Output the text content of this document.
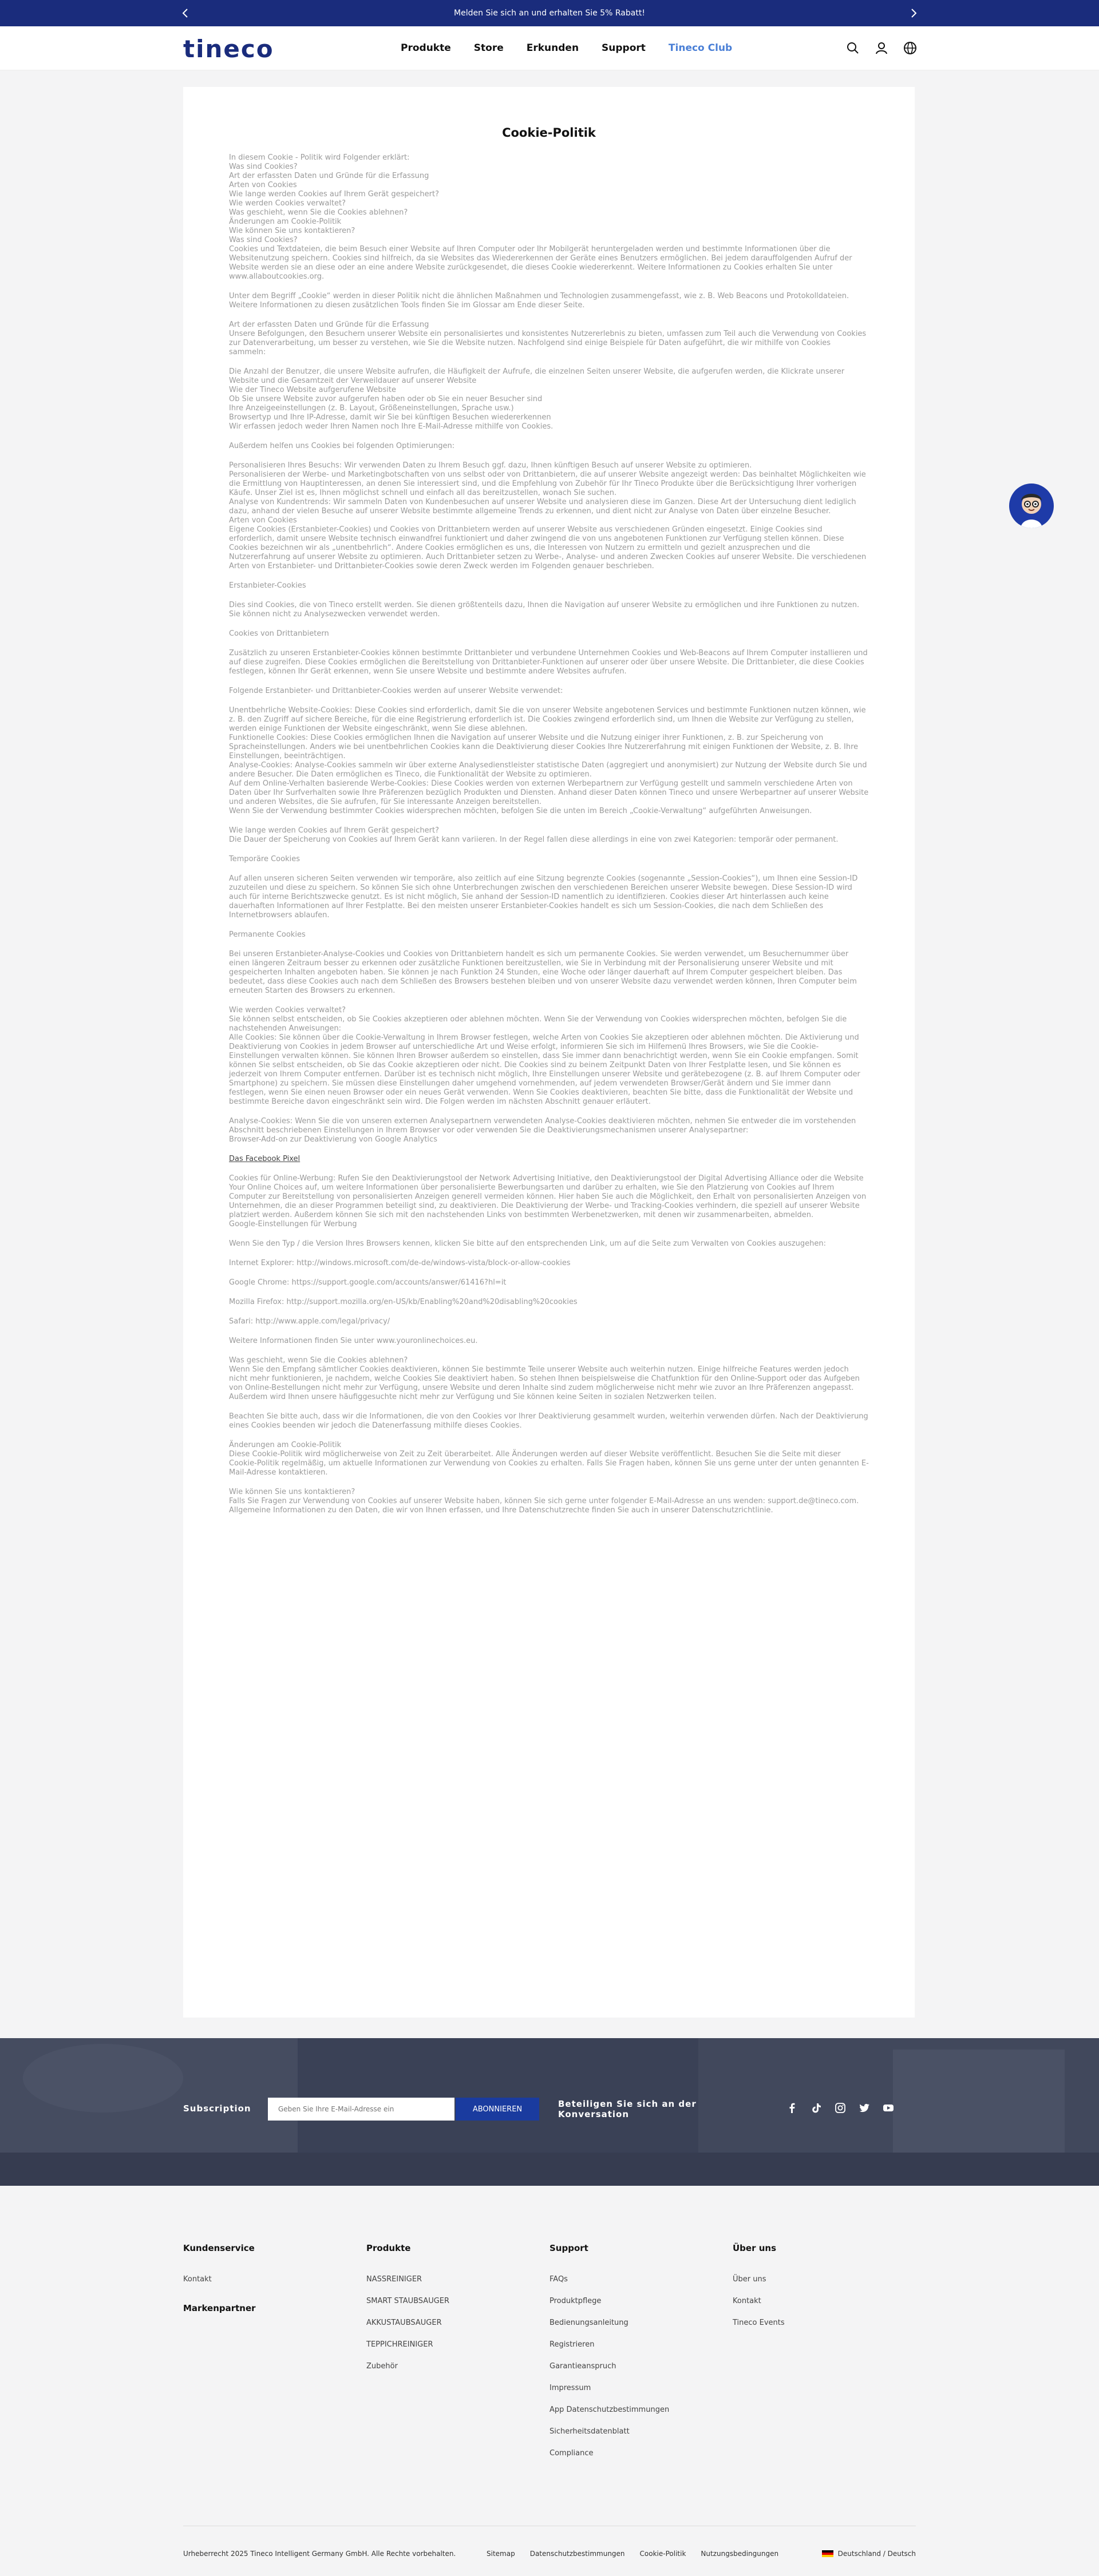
Melden Sie sich an und erhalten Sie 5% Rabatt!
tineco	Produkte Store Erkunden Support Tineco Club
Cookie-Politik
In diesem Cookie - Politik wird Folgender erklärt:
Was sind Cookies?
Art der erfassten Daten und Gründe für die Erfassung
Arten von Cookies
Wie lange werden Cookies auf Ihrem Gerät gespeichert?
Wie werden Cookies verwaltet?
Was geschieht, wenn Sie die Cookies ablehnen?
Änderungen am Cookie-Politik
Wie können Sie uns kontaktieren?
Was sind Cookies?
Cookies und Textdateien, die beim Besuch einer Website auf Ihren Computer oder Ihr Mobilgerät heruntergeladen werden und bestimmte Informationen über die Websitenutzung speichern. Cookies sind hilfreich, da sie Websites das Wiedererkennen der Geräte eines Benutzers ermöglichen. Bei jedem darauffolgenden Aufruf der Website werden sie an diese oder an eine andere Website zurückgesendet, die dieses Cookie wiedererkennt. Weitere Informationen zu Cookies erhalten Sie unter www.allaboutcookies.org.
Unter dem Begriff „Cookie“ werden in dieser Politik nicht die ähnlichen Maßnahmen und Technologien zusammengefasst, wie z. B. Web Beacons und Protokolldateien. Weitere Informationen zu diesen zusätzlichen Tools finden Sie im Glossar am Ende dieser Seite.
Art der erfassten Daten und Gründe für die Erfassung
Unsere Befolgungen, den Besuchern unserer Website ein personalisiertes und konsistentes Nutzererlebnis zu bieten, umfassen zum Teil auch die Verwendung von Cookies zur Datenverarbeitung, um besser zu verstehen, wie Sie die Website nutzen. Nachfolgend sind einige Beispiele für Daten aufgeführt, die wir mithilfe von Cookies sammeln:
Die Anzahl der Benutzer, die unsere Website aufrufen, die Häufigkeit der Aufrufe, die einzelnen Seiten unserer Website, die aufgerufen werden, die Klickrate unserer Website und die Gesamtzeit der Verweildauer auf unserer Website
Wie der Tineco Website aufgerufene Website
Ob Sie unsere Website zuvor aufgerufen haben oder ob Sie ein neuer Besucher sind
Ihre Anzeigeeinstellungen (z. B. Layout, Größeneinstellungen, Sprache usw.)
Browsertyp und Ihre IP-Adresse, damit wir Sie bei künftigen Besuchen wiedererkennen
Wir erfassen jedoch weder Ihren Namen noch Ihre E-Mail-Adresse mithilfe von Cookies.
Außerdem helfen uns Cookies bei folgenden Optimierungen:
Personalisieren Ihres Besuchs: Wir verwenden Daten zu Ihrem Besuch ggf. dazu, Ihnen künftigen Besuch auf unserer Website zu optimieren.
Personalisieren der Werbe- und Marketingbotschaften von uns selbst oder von Drittanbietern, die auf unserer Website angezeigt werden: Das beinhaltet Möglichkeiten wie die Ermittlung von Hauptinteressen, an denen Sie interessiert sind, und die Empfehlung von Zubehör für Ihr Tineco Produkte über die Berücksichtigung Ihrer vorherigen Käufe. Unser Ziel ist es, Ihnen möglichst schnell und einfach all das bereitzustellen, wonach Sie suchen.
Analyse von Kundentrends: Wir sammeln Daten von Kundenbesuchen auf unserer Website und analysieren diese im Ganzen. Diese Art der Untersuchung dient lediglich dazu, anhand der vielen Besuche auf unserer Website bestimmte allgemeine Trends zu erkennen, und dient nicht zur Analyse von Daten über einzelne Besucher.
Arten von Cookies
Eigene Cookies (Erstanbieter-Cookies) und Cookies von Drittanbietern werden auf unserer Website aus verschiedenen Gründen eingesetzt. Einige Cookies sind erforderlich, damit unsere Website technisch einwandfrei funktioniert und daher zwingend die von uns angebotenen Funktionen zur Verfügung stellen können. Diese Cookies bezeichnen wir als „unentbehrlich“. Andere Cookies ermöglichen es uns, die Interessen von Nutzern zu ermitteln und gezielt anzusprechen und die Nutzererfahrung auf unserer Website zu optimieren. Auch Drittanbieter setzen zu Werbe-, Analyse- und anderen Zwecken Cookies auf unserer Website. Die verschiedenen Arten von Erstanbieter- und Drittanbieter-Cookies sowie deren Zweck werden im Folgenden genauer beschrieben.
Erstanbieter-Cookies
Dies sind Cookies, die von Tineco erstellt werden. Sie dienen größtenteils dazu, Ihnen die Navigation auf unserer Website zu ermöglichen und ihre Funktionen zu nutzen. Sie können nicht zu Analysezwecken verwendet werden.
Cookies von Drittanbietern
Zusätzlich zu unseren Erstanbieter-Cookies können bestimmte Drittanbieter und verbundene Unternehmen Cookies und Web-Beacons auf Ihrem Computer installieren und auf diese zugreifen. Diese Cookies ermöglichen die Bereitstellung von Drittanbieter-Funktionen auf unserer oder über unsere Website. Die Drittanbieter, die diese Cookies festlegen, können Ihr Gerät erkennen, wenn Sie unsere Website und bestimmte andere Websites aufrufen.
Folgende Erstanbieter- und Drittanbieter-Cookies werden auf unserer Website verwendet:
Unentbehrliche Website-Cookies: Diese Cookies sind erforderlich, damit Sie die von unserer Website angebotenen Services und bestimmte Funktionen nutzen können, wie z. B. den Zugriff auf sichere Bereiche, für die eine Registrierung erforderlich ist. Die Cookies zwingend erforderlich sind, um Ihnen die Website zur Verfügung zu stellen, werden einige Funktionen der Website eingeschränkt, wenn Sie diese ablehnen.
Funktionelle Cookies: Diese Cookies ermöglichen Ihnen die Navigation auf unserer Website und die Nutzung einiger ihrer Funktionen, z. B. zur Speicherung von Spracheinstellungen. Anders wie bei unentbehrlichen Cookies kann die Deaktivierung dieser Cookies Ihre Nutzererfahrung mit einigen Funktionen der Website, z. B. Ihre Einstellungen, beeinträchtigen.
Analyse-Cookies: Analyse-Cookies sammeln wir über externe Analysedienstleister statistische Daten (aggregiert und anonymisiert) zur Nutzung der Website durch Sie und andere Besucher. Die Daten ermöglichen es Tineco, die Funktionalität der Website zu optimieren.
Auf dem Online-Verhalten basierende Werbe-Cookies: Diese Cookies werden von externen Werbepartnern zur Verfügung gestellt und sammeln verschiedene Arten von Daten über Ihr Surfverhalten sowie Ihre Präferenzen bezüglich Produkten und Diensten. Anhand dieser Daten können Tineco und unsere Werbepartner auf unserer Website und anderen Websites, die Sie aufrufen, für Sie interessante Anzeigen bereitstellen.
Wenn Sie der Verwendung bestimmter Cookies widersprechen möchten, befolgen Sie die unten im Bereich „Cookie-Verwaltung“ aufgeführten Anweisungen.
Wie lange werden Cookies auf Ihrem Gerät gespeichert?
Die Dauer der Speicherung von Cookies auf Ihrem Gerät kann variieren. In der Regel fallen diese allerdings in eine von zwei Kategorien: temporär oder permanent.
Temporäre Cookies
Auf allen unseren sicheren Seiten verwenden wir temporäre, also zeitlich auf eine Sitzung begrenzte Cookies (sogenannte „Session-Cookies“), um Ihnen eine Session-ID zuzuteilen und diese zu speichern. So können Sie sich ohne Unterbrechungen zwischen den verschiedenen Bereichen unserer Website bewegen. Diese Session-ID wird auch für interne Berichtszwecke genutzt. Es ist nicht möglich, Sie anhand der Session-ID namentlich zu identifizieren. Cookies dieser Art hinterlassen auch keine dauerhaften Informationen auf Ihrer Festplatte. Bei den meisten unserer Erstanbieter-Cookies handelt es sich um Session-Cookies, die nach dem Schließen des Internetbrowsers ablaufen.
Permanente Cookies
Bei unseren Erstanbieter-Analyse-Cookies und Cookies von Drittanbietern handelt es sich um permanente Cookies. Sie werden verwendet, um Besuchernummer über einen längeren Zeitraum besser zu erkennen oder zusätzliche Funktionen bereitzustellen, wie Sie in Verbindung mit der Personalisierung unserer Website und mit gespeicherten Inhalten angeboten haben. Sie können je nach Funktion 24 Stunden, eine Woche oder länger dauerhaft auf Ihrem Computer gespeichert bleiben. Das bedeutet, dass diese Cookies auch nach dem Schließen des Browsers bestehen bleiben und von unserer Website dazu verwendet werden können, Ihren Computer beim erneuten Starten des Browsers zu erkennen.
Wie werden Cookies verwaltet?
Sie können selbst entscheiden, ob Sie Cookies akzeptieren oder ablehnen möchten. Wenn Sie der Verwendung von Cookies widersprechen möchten, befolgen Sie die nachstehenden Anweisungen:
Alle Cookies: Sie können über die Cookie-Verwaltung in Ihrem Browser festlegen, welche Arten von Cookies Sie akzeptieren oder ablehnen möchten. Die Aktivierung und Deaktivierung von Cookies in jedem Browser auf unterschiedliche Art und Weise erfolgt, informieren Sie sich im Hilfemenü Ihres Browsers, wie Sie die Cookie-Einstellungen verwalten können. Sie können Ihren Browser außerdem so einstellen, dass Sie immer dann benachrichtigt werden, wenn Sie ein Cookie empfangen. Somit können Sie selbst entscheiden, ob Sie das Cookie akzeptieren oder nicht. Die Cookies sind zu beinem Zeitpunkt Daten von Ihrer Festplatte lesen, und Sie können es jederzeit von Ihrem Computer entfernen. Darüber ist es technisch nicht möglich, Ihre Einstellungen unserer Website und gerätebezogene (z. B. auf Ihrem Computer oder Smartphone) zu speichern. Sie müssen diese Einstellungen daher umgehend vornehmenden, auf jedem verwendeten Browser/Gerät ändern und Sie immer dann festlegen, wenn Sie einen neuen Browser oder ein neues Gerät verwenden. Wenn Sie Cookies deaktivieren, beachten Sie bitte, dass die Funktionalität der Website und bestimmte Bereiche davon eingeschränkt sein wird. Die Folgen werden im nächsten Abschnitt genauer erläutert.
Analyse-Cookies: Wenn Sie die von unseren externen Analysepartnern verwendeten Analyse-Cookies deaktivieren möchten, nehmen Sie entweder die im vorstehenden Abschnitt beschriebenen Einstellungen in Ihrem Browser vor oder verwenden Sie die Deaktivierungsmechanismen unserer Analysepartner:
Browser-Add-on zur Deaktivierung von Google Analytics
Das Facebook Pixel
Cookies für Online-Werbung: Rufen Sie den Deaktivierungstool der Network Advertising Initiative, den Deaktivierungstool der Digital Advertising Alliance oder die Website Your Online Choices auf, um weitere Informationen über personalisierte Bewerbungsarten und darüber zu erhalten, wie Sie den Platzierung von Cookies auf Ihrem Computer zur Bereitstellung von personalisierten Anzeigen generell vermeiden können. Hier haben Sie auch die Möglichkeit, den Erhalt von personalisierten Anzeigen von Unternehmen, die an dieser Programmen beteiligt sind, zu deaktivieren. Die Deaktivierung der Werbe- und Tracking-Cookies verhindern, die speziell auf unserer Website platziert werden. Außerdem können Sie sich mit den nachstehenden Links von bestimmten Werbenetzwerken, mit denen wir zusammenarbeiten, abmelden.
Google-Einstellungen für Werbung
Wenn Sie den Typ / die Version Ihres Browsers kennen, klicken Sie bitte auf den entsprechenden Link, um auf die Seite zum Verwalten von Cookies auszugehen:
Internet Explorer: http://windows.microsoft.com/de-de/windows-vista/block-or-allow-cookies
Google Chrome: https://support.google.com/accounts/answer/61416?hl=it
Mozilla Firefox: http://support.mozilla.org/en-US/kb/Enabling%20and%20disabling%20cookies
Safari: http://www.apple.com/legal/privacy/
Weitere Informationen finden Sie unter www.youronlinechoices.eu.
Was geschieht, wenn Sie die Cookies ablehnen?
Wenn Sie den Empfang sämtlicher Cookies deaktivieren, können Sie bestimmte Teile unserer Website auch weiterhin nutzen. Einige hilfreiche Features werden jedoch nicht mehr funktionieren, je nachdem, welche Cookies Sie deaktiviert haben. So stehen Ihnen beispielsweise die Chatfunktion für den Online-Support oder das Aufgeben von Online-Bestellungen nicht mehr zur Verfügung, unsere Website und deren Inhalte sind zudem möglicherweise nicht mehr wie zuvor an Ihre Präferenzen angepasst. Außerdem wird Ihnen unsere häufiggesuchte nicht mehr zur Verfügung und Sie können keine Seiten in sozialen Netzwerken teilen.
Beachten Sie bitte auch, dass wir die Informationen, die von den Cookies vor Ihrer Deaktivierung gesammelt wurden, weiterhin verwenden dürfen. Nach der Deaktivierung eines Cookies beenden wir jedoch die Datenerfassung mithilfe dieses Cookies.
Änderungen am Cookie-Politik
Diese Cookie-Politik wird möglicherweise von Zeit zu Zeit überarbeitet. Alle Änderungen werden auf dieser Website veröffentlicht. Besuchen Sie die Seite mit dieser Cookie-Politik regelmäßig, um aktuelle Informationen zur Verwendung von Cookies zu erhalten. Falls Sie Fragen haben, können Sie uns gerne unter der unten genannten E-Mail-Adresse kontaktieren.
Wie können Sie uns kontaktieren?
Falls Sie Fragen zur Verwendung von Cookies auf unserer Website haben, können Sie sich gerne unter folgender E-Mail-Adresse an uns wenden: support.de@tineco.com. Allgemeine Informationen zu den Daten, die wir von Ihnen erfassen, und Ihre Datenschutzrechte finden Sie auch in unserer Datenschutzrichtlinie.
Subscription
Geben Sie Ihre E-Mail-Adresse ein	ABONNIEREN	Beteiligen Sie sich an der
Konversation
Kundenservice
Kontakt
Markenpartner
Produkte
NASSREINIGER
SMART STAUBSAUGER
AKKUSTAUBSAUGER
TEPPICHREINIGER
Zubehör
Support
FAQs
Produktpflege
Bedienungsanleitung
Registrieren
Garantieanspruch
Impressum
App Datenschutzbestimmungen
Sicherheitsdatenblatt
Compliance
Über uns
Über uns
Kontakt
Tineco Events
Urheberrecht 2025 Tineco Intelligent Germany GmbH. Alle Rechte vorbehalten.	Sitemap Datenschutzbestimmungen Cookie-Politik Nutzungsbedingungen	Deutschland / Deutsch
